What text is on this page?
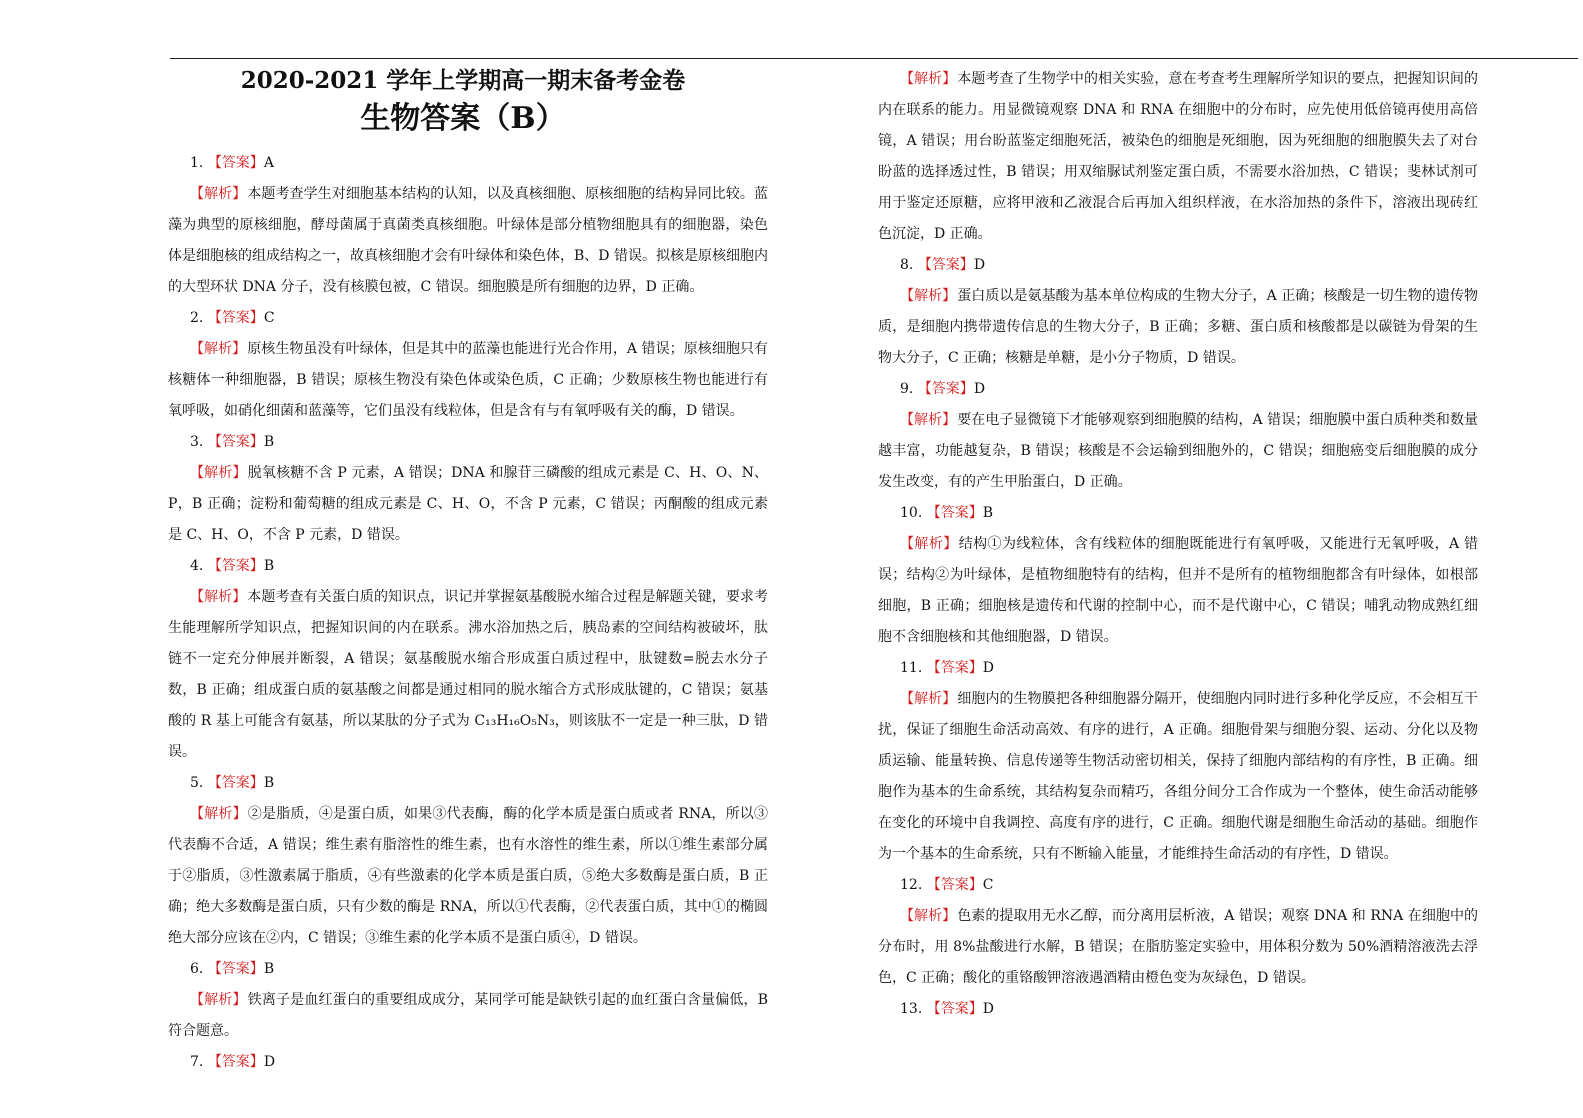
2020-2021 学年上学期高一期末备考金卷
生物答案（B）
1. 【答案】A

【解析】本题考查学生对细胞基本结构的认知，以及真核细胞、原核细胞的结构异同比较。蓝藻为典型的原核细胞，酵母菌属于真菌类真核细胞。叶绿体是部分植物细胞具有的细胞器，染色体是细胞核的组成结构之一，故真核细胞才会有叶绿体和染色体，B、D 错误。拟核是原核细胞内的大型环状 DNA 分子，没有核膜包被，C 错误。细胞膜是所有细胞的边界，D 正确。

2. 【答案】C

【解析】原核生物虽没有叶绿体，但是其中的蓝藻也能进行光合作用，A 错误；原核细胞只有核糖体一种细胞器，B 错误；原核生物没有染色体或染色质，C 正确；少数原核生物也能进行有氧呼吸，如硝化细菌和蓝藻等，它们虽没有线粒体，但是含有与有氧呼吸有关的酶，D 错误。

3. 【答案】B

【解析】脱氧核糖不含 P 元素，A 错误；DNA 和腺苷三磷酸的组成元素是 C、H、O、N、P，B 正确；淀粉和葡萄糖的组成元素是 C、H、O，不含 P 元素，C 错误；丙酮酸的组成元素是 C、H、O，不含 P 元素，D 错误。

4. 【答案】B

【解析】本题考查有关蛋白质的知识点，识记并掌握氨基酸脱水缩合过程是解题关键，要求考生能理解所学知识点，把握知识间的内在联系。沸水浴加热之后，胰岛素的空间结构被破坏，肽链不一定充分伸展并断裂，A 错误；氨基酸脱水缩合形成蛋白质过程中，肽键数=脱去水分子数，B 正确；组成蛋白质的氨基酸之间都是通过相同的脱水缩合方式形成肽键的，C 错误；氨基酸的 R 基上可能含有氨基，所以某肽的分子式为 C₁₃H₁₆O₅N₃，则该肽不一定是一种三肽，D 错误。

5. 【答案】B

【解析】②是脂质，④是蛋白质，如果③代表酶，酶的化学本质是蛋白质或者 RNA，所以③代表酶不合适，A 错误；维生素有脂溶性的维生素，也有水溶性的维生素，所以①维生素部分属于②脂质，③性激素属于脂质，④有些激素的化学本质是蛋白质，⑤绝大多数酶是蛋白质，B 正确；绝大多数酶是蛋白质，只有少数的酶是 RNA，所以①代表酶，②代表蛋白质，其中①的椭圆绝大部分应该在②内，C 错误；③维生素的化学本质不是蛋白质④，D 错误。

6. 【答案】B

【解析】铁离子是血红蛋白的重要组成成分，某同学可能是缺铁引起的血红蛋白含量偏低，B 符合题意。

7. 【答案】D

【解析】本题考查了生物学中的相关实验，意在考查考生理解所学知识的要点，把握知识间的内在联系的能力。用显微镜观察 DNA 和 RNA 在细胞中的分布时，应先使用低倍镜再使用高倍镜，A 错误；用台盼蓝鉴定细胞死活，被染色的细胞是死细胞，因为死细胞的细胞膜失去了对台盼蓝的选择透过性，B 错误；用双缩脲试剂鉴定蛋白质，不需要水浴加热，C 错误；斐林试剂可用于鉴定还原糖，应将甲液和乙液混合后再加入组织样液，在水浴加热的条件下，溶液出现砖红色沉淀，D 正确。

8. 【答案】D

【解析】蛋白质以是氨基酸为基本单位构成的生物大分子，A 正确；核酸是一切生物的遗传物质，是细胞内携带遗传信息的生物大分子，B 正确；多糖、蛋白质和核酸都是以碳链为骨架的生物大分子，C 正确；核糖是单糖，是小分子物质，D 错误。

9. 【答案】D

【解析】要在电子显微镜下才能够观察到细胞膜的结构，A 错误；细胞膜中蛋白质种类和数量越丰富，功能越复杂，B 错误；核酸是不会运输到细胞外的，C 错误；细胞癌变后细胞膜的成分发生改变，有的产生甲胎蛋白，D 正确。

10. 【答案】B

【解析】结构①为线粒体，含有线粒体的细胞既能进行有氧呼吸，又能进行无氧呼吸，A 错误；结构②为叶绿体，是植物细胞特有的结构，但并不是所有的植物细胞都含有叶绿体，如根部细胞，B 正确；细胞核是遗传和代谢的控制中心，而不是代谢中心，C 错误；哺乳动物成熟红细胞不含细胞核和其他细胞器，D 错误。

11. 【答案】D

【解析】细胞内的生物膜把各种细胞器分隔开，使细胞内同时进行多种化学反应，不会相互干扰，保证了细胞生命活动高效、有序的进行，A 正确。细胞骨架与细胞分裂、运动、分化以及物质运输、能量转换、信息传递等生物活动密切相关，保持了细胞内部结构的有序性，B 正确。细胞作为基本的生命系统，其结构复杂而精巧，各组分间分工合作成为一个整体，使生命活动能够在变化的环境中自我调控、高度有序的进行，C 正确。细胞代谢是细胞生命活动的基础。细胞作为一个基本的生命系统，只有不断输入能量，才能维持生命活动的有序性，D 错误。

12. 【答案】C

【解析】色素的提取用无水乙醇，而分离用层析液，A 错误；观察 DNA 和 RNA 在细胞中的分布时，用 8%盐酸进行水解，B 错误；在脂肪鉴定实验中，用体积分数为 50%酒精溶液洗去浮色，C 正确；酸化的重铬酸钾溶液遇酒精由橙色变为灰绿色，D 错误。

13. 【答案】D
